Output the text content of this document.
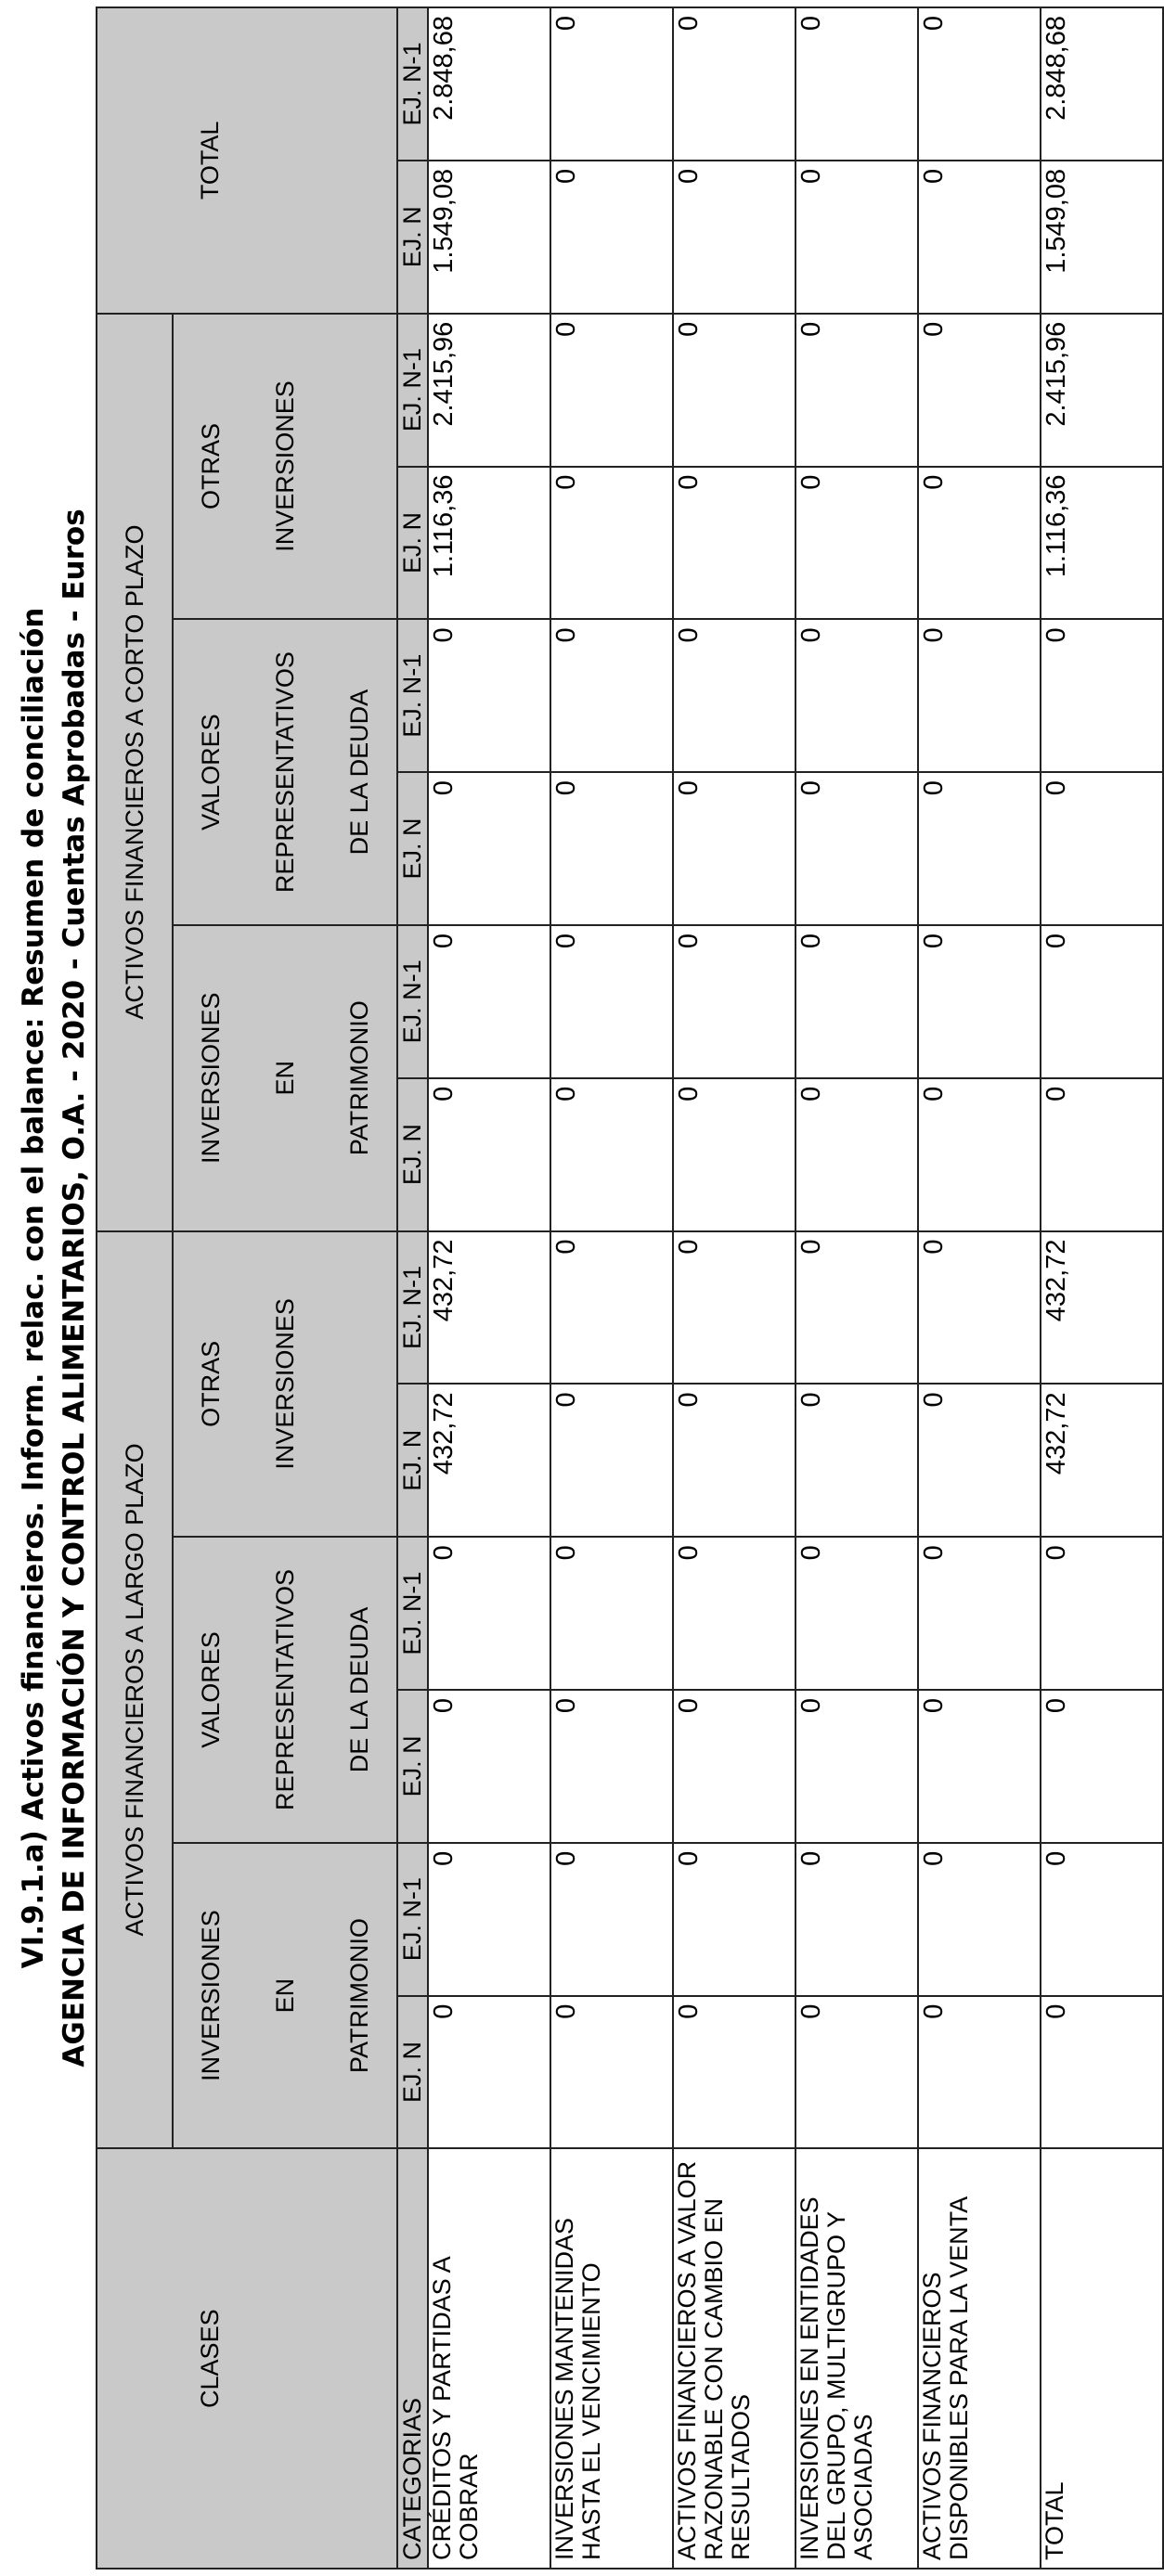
VI.9.1.a) Activos financieros. Inform. relac. con el balance: Resumen de conciliación AGENCIA DE INFORMACIÓN Y CONTROL ALIMENTARIOS, O.A. - 2020 - Cuentas Aprobadas - Euros
	ACTIVOS FINANCIEROS A LARGO PLAZO						ACTIVOS FINANCIEROS A CORTO PLAZO							
CLASES	INVERSIONES		VALORES		OTRAS		INVERSIONES		VALORES		OTRAS		TOTAL	
	EN		REPRESENTATIVOS		INVERSIONES		EN		REPRESENTATIVOS		INVERSIONES			
	PATRIMONIO		DE LA DEUDA				PATRIMONIO		DE LA DEUDA					
CATEGORIAS	EJ. N	EJ. N-1	EJ. N	EJ. N-1	EJ. N	EJ. N-1	EJ. N	EJ. N-1	EJ. N	EJ. N-1	EJ. N	EJ. N-1	EJ. N	EJ. N-1
CRÉDITOS Y PARTIDAS A COBRAR	0	0	0	0	432,72	432,72	0	0	0	0	1.116,36	2.415,96	1.549,08	2.848,68
INVERSIONES MANTENIDAS HASTA EL VENCIMIENTO	0	0	0	0	0	0	0	0	0	0	0	0	0	0
ACTIVOS FINANCIEROS A VALOR RAZONABLE CON CAMBIO EN RESULTADOS	0	0	0	0	0	0	0	0	0	0	0	0	0	0
INVERSIONES EN ENTIDADES DEL GRUPO, MULTIGRUPO Y ASOCIADAS	0	0	0	0	0	0	0	0	0	0	0	0	0	0
ACTIVOS FINANCIEROS DISPONIBLES PARA LA VENTA	0	0	0	0	0	0	0	0	0	0	0	0	0	0
TOTAL	0	0	0	0	432,72	432,72	0	0	0	0	1.116,36	2.415,96	1.549,08	2.848,68
